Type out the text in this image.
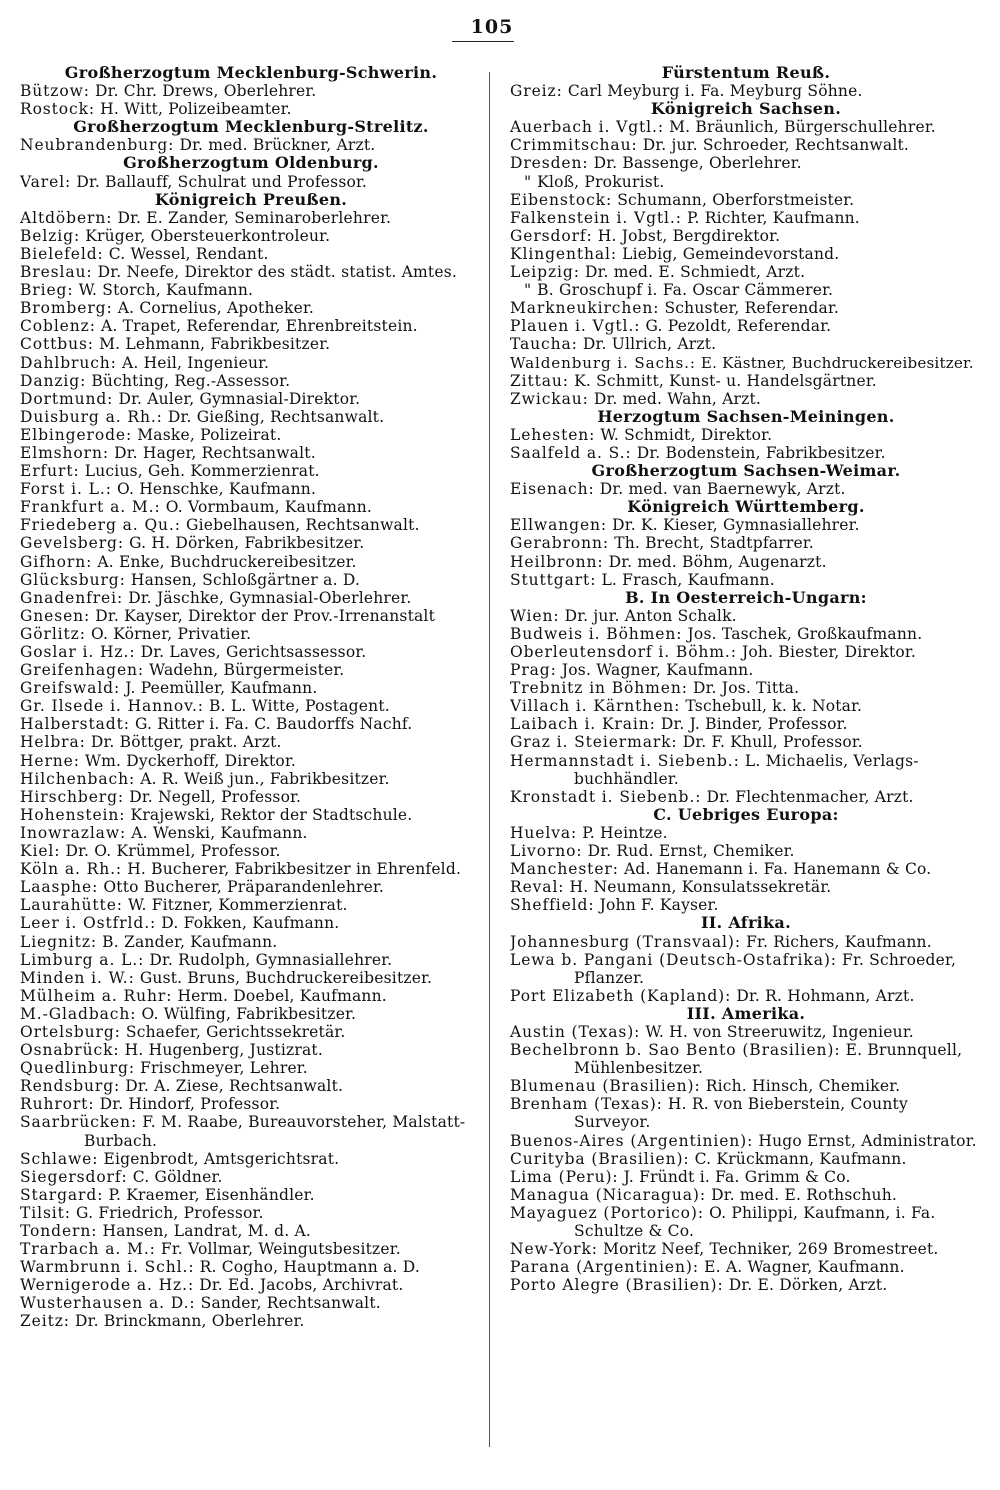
105
Großherzogtum Mecklenburg-Schwerin.
Bützow: Dr. Chr. Drews, Oberlehrer.
Rostock: H. Witt, Polizeibeamter.
Großherzogtum Mecklenburg-Strelitz.
Neubrandenburg: Dr. med. Brückner, Arzt.
Großherzogtum Oldenburg.
Varel: Dr. Ballauff, Schulrat und Professor.
Königreich Preußen.
Altdöbern: Dr. E. Zander, Seminaroberlehrer.
Belzig: Krüger, Obersteuerkontroleur.
Bielefeld: C. Wessel, Rendant.
Breslau: Dr. Neefe, Direktor des städt. statist. Amtes.
Brieg: W. Storch, Kaufmann.
Bromberg: A. Cornelius, Apotheker.
Coblenz: A. Trapet, Referendar, Ehrenbreitstein.
Cottbus: M. Lehmann, Fabrikbesitzer.
Dahlbruch: A. Heil, Ingenieur.
Danzig: Büchting, Reg.-Assessor.
Dortmund: Dr. Auler, Gymnasial-Direktor.
Duisburg a. Rh.: Dr. Gießing, Rechtsanwalt.
Elbingerode: Maske, Polizeirat.
Elmshorn: Dr. Hager, Rechtsanwalt.
Erfurt: Lucius, Geh. Kommerzienrat.
Forst i. L.: O. Henschke, Kaufmann.
Frankfurt a. M.: O. Vormbaum, Kaufmann.
Friedeberg a. Qu.: Giebelhausen, Rechtsanwalt.
Gevelsberg: G. H. Dörken, Fabrikbesitzer.
Gifhorn: A. Enke, Buchdruckereibesitzer.
Glücksburg: Hansen, Schloßgärtner a. D.
Gnadenfrei: Dr. Jäschke, Gymnasial-Oberlehrer.
Gnesen: Dr. Kayser, Direktor der Prov.-Irrenanstalt
Görlitz: O. Körner, Privatier.
Goslar i. Hz.: Dr. Laves, Gerichtsassessor.
Greifenhagen: Wadehn, Bürgermeister.
Greifswald: J. Peemüller, Kaufmann.
Gr. Ilsede i. Hannov.: B. L. Witte, Postagent.
Halberstadt: G. Ritter i. Fa. C. Baudorffs Nachf.
Helbra: Dr. Böttger, prakt. Arzt.
Herne: Wm. Dyckerhoff, Direktor.
Hilchenbach: A. R. Weiß jun., Fabrikbesitzer.
Hirschberg: Dr. Negell, Professor.
Hohenstein: Krajewski, Rektor der Stadtschule.
Inowrazlaw: A. Wenski, Kaufmann.
Kiel: Dr. O. Krümmel, Professor.
Köln a. Rh.: H. Bucherer, Fabrikbesitzer in Ehrenfeld.
Laasphe: Otto Bucherer, Präparandenlehrer.
Laurahütte: W. Fitzner, Kommerzienrat.
Leer i. Ostfrld.: D. Fokken, Kaufmann.
Liegnitz: B. Zander, Kaufmann.
Limburg a. L.: Dr. Rudolph, Gymnasiallehrer.
Minden i. W.: Gust. Bruns, Buchdruckereibesitzer.
Mülheim a. Ruhr: Herm. Doebel, Kaufmann.
M.-Gladbach: O. Wülfing, Fabrikbesitzer.
Ortelsburg: Schaefer, Gerichtssekretär.
Osnabrück: H. Hugenberg, Justizrat.
Quedlinburg: Frischmeyer, Lehrer.
Rendsburg: Dr. A. Ziese, Rechtsanwalt.
Ruhrort: Dr. Hindorf, Professor.
Saarbrücken: F. M. Raabe, Bureauvorsteher, Malstatt-
Burbach.
Schlawe: Eigenbrodt, Amtsgerichtsrat.
Siegersdorf: C. Göldner.
Stargard: P. Kraemer, Eisenhändler.
Tilsit: G. Friedrich, Professor.
Tondern: Hansen, Landrat, M. d. A.
Trarbach a. M.: Fr. Vollmar, Weingutsbesitzer.
Warmbrunn i. Schl.: R. Cogho, Hauptmann a. D.
Wernigerode a. Hz.: Dr. Ed. Jacobs, Archivrat.
Wusterhausen a. D.: Sander, Rechtsanwalt.
Zeitz: Dr. Brinckmann, Oberlehrer.
Fürstentum Reuß.
Greiz: Carl Meyburg i. Fa. Meyburg Söhne.
Königreich Sachsen.
Auerbach i. Vgtl.: M. Bräunlich, Bürgerschullehrer.
Crimmitschau: Dr. jur. Schroeder, Rechtsanwalt.
Dresden: Dr. Bassenge, Oberlehrer.
" Kloß, Prokurist.
Eibenstock: Schumann, Oberforstmeister.
Falkenstein i. Vgtl.: P. Richter, Kaufmann.
Gersdorf: H. Jobst, Bergdirektor.
Klingenthal: Liebig, Gemeindevorstand.
Leipzig: Dr. med. E. Schmiedt, Arzt.
" B. Groschupf i. Fa. Oscar Cämmerer.
Markneukirchen: Schuster, Referendar.
Plauen i. Vgtl.: G. Pezoldt, Referendar.
Taucha: Dr. Ullrich, Arzt.
Waldenburg i. Sachs.: E. Kästner, Buchdruckereibesitzer.
Zittau: K. Schmitt, Kunst- u. Handelsgärtner.
Zwickau: Dr. med. Wahn, Arzt.
Herzogtum Sachsen-Meiningen.
Lehesten: W. Schmidt, Direktor.
Saalfeld a. S.: Dr. Bodenstein, Fabrikbesitzer.
Großherzogtum Sachsen-Weimar.
Eisenach: Dr. med. van Baernewyk, Arzt.
Königreich Württemberg.
Ellwangen: Dr. K. Kieser, Gymnasiallehrer.
Gerabronn: Th. Brecht, Stadtpfarrer.
Heilbronn: Dr. med. Böhm, Augenarzt.
Stuttgart: L. Frasch, Kaufmann.
B. In Oesterreich-Ungarn:
Wien: Dr. jur. Anton Schalk.
Budweis i. Böhmen: Jos. Taschek, Großkaufmann.
Oberleutensdorf i. Böhm.: Joh. Biester, Direktor.
Prag: Jos. Wagner, Kaufmann.
Trebnitz in Böhmen: Dr. Jos. Titta.
Villach i. Kärnthen: Tschebull, k. k. Notar.
Laibach i. Krain: Dr. J. Binder, Professor.
Graz i. Steiermark: Dr. F. Khull, Professor.
Hermannstadt i. Siebenb.: L. Michaelis, Verlags-
buchhändler.
Kronstadt i. Siebenb.: Dr. Flechtenmacher, Arzt.
C. Uebriges Europa:
Huelva: P. Heintze.
Livorno: Dr. Rud. Ernst, Chemiker.
Manchester: Ad. Hanemann i. Fa. Hanemann & Co.
Reval: H. Neumann, Konsulatssekretär.
Sheffield: John F. Kayser.
II. Afrika.
Johannesburg (Transvaal): Fr. Richers, Kaufmann.
Lewa b. Pangani (Deutsch-Ostafrika): Fr. Schroeder,
Pflanzer.
Port Elizabeth (Kapland): Dr. R. Hohmann, Arzt.
III. Amerika.
Austin (Texas): W. H. von Streeruwitz, Ingenieur.
Bechelbronn b. Sao Bento (Brasilien): E. Brunnquell,
Mühlenbesitzer.
Blumenau (Brasilien): Rich. Hinsch, Chemiker.
Brenham (Texas): H. R. von Bieberstein, County
Surveyor.
Buenos-Aires (Argentinien): Hugo Ernst, Administrator.
Curityba (Brasilien): C. Krückmann, Kaufmann.
Lima (Peru): J. Fründt i. Fa. Grimm & Co.
Managua (Nicaragua): Dr. med. E. Rothschuh.
Mayaguez (Portorico): O. Philippi, Kaufmann, i. Fa.
Schultze & Co.
New-York: Moritz Neef, Techniker, 269 Bromestreet.
Parana (Argentinien): E. A. Wagner, Kaufmann.
Porto Alegre (Brasilien): Dr. E. Dörken, Arzt.
